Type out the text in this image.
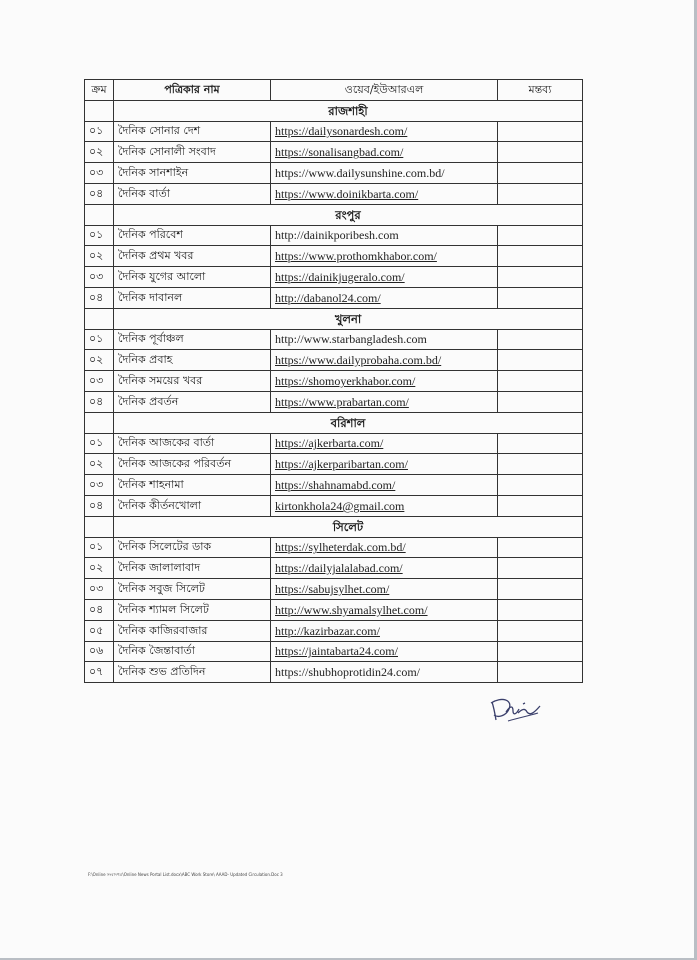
ক্রম	পত্রিকার নাম	ওয়েব/ইউআরএল	মন্তব্য
	রাজশাহী		
০১	দৈনিক সোনার দেশ	https://dailysonardesh.com/	
০২	দৈনিক সোনালী সংবাদ	https://sonalisangbad.com/	
০৩	দৈনিক সানশাইন	https://www.dailysunshine.com.bd/	
০৪	দৈনিক বার্তা	https://www.doinikbarta.com/	
	রংপুর		
০১	দৈনিক পরিবেশ	http://dainikporibesh.com	
০২	দৈনিক প্রথম খবর	https://www.prothomkhabor.com/	
০৩	দৈনিক যুগের আলো	https://dainikjugeralo.com/	
০৪	দৈনিক দাবানল	http://dabanol24.com/	
	খুলনা		
০১	দৈনিক পূর্বাঞ্চল	http://www.starbangladesh.com	
০২	দৈনিক প্রবাহ	https://www.dailyprobaha.com.bd/	
০৩	দৈনিক সময়ের খবর	https://shomoyerkhabor.com/	
০৪	দৈনিক প্রবর্তন	https://www.prabartan.com/	
	বরিশাল		
০১	দৈনিক আজকের বার্তা	https://ajkerbarta.com/	
০২	দৈনিক আজকের পরিবর্তন	https://ajkerparibartan.com/	
০৩	দৈনিক শাহনামা	https://shahnamabd.com/	
০৪	দৈনিক কীর্তনখোলা	kirtonkhola24@gmail.com	
	সিলেট		
০১	দৈনিক সিলেটের ডাক	https://sylheterdak.com.bd/	
০২	দৈনিক জালালাবাদ	https://dailyjalalabad.com/	
০৩	দৈনিক সবুজ সিলেট	https://sabujsylhet.com/	
০৪	দৈনিক শ্যামল সিলেট	http://www.shyamalsylhet.com/	
০৫	দৈনিক কাজিরবাজার	http://kazirbazar.com/	
০৬	দৈনিক জৈন্তাবার্তা	https://jaintabarta24.com/	
০৭	দৈনিক শুভ প্রতিদিন	https://shubhoprotidin24.com/	
F:\Online সংবাদপত্র\Online News Portal List.docx\ABC Work Store\ AAAD- Updated Circulation.Doc 3
